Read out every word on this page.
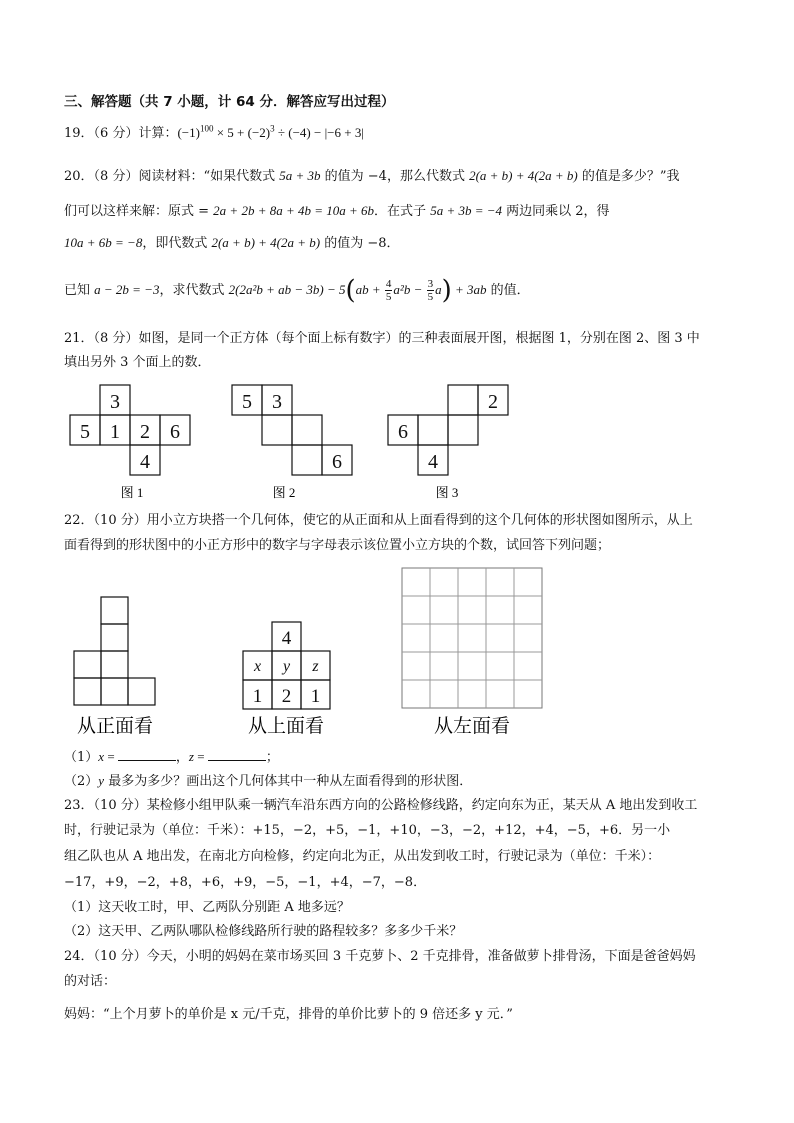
三、解答题（共 7 小题，计 64 分．解答应写出过程）
19．（6 分）计算：$(-1)^{100} \times 5 + (-2)^3 \div (-4) - |-6 + 3|$
20．（8 分）阅读材料：“如果代数式 5a + 3b 的值为 −4，那么代数式 2(a + b) + 4(2a + b) 的值是多少？”我
们可以这样来解：原式 = 2a + 2b + 8a + 4b = 10a + 6b．在式子 5a + 3b = −4 两边同乘以 2，得
10a + 6b = −8，即代数式 2(a + b) + 4(2a + b) 的值为 −8．
已知 a − 2b = −3，求代数式 2(2a²b + ab − $3b) - 5(ab + \frac{4}{5} a^2b - \frac{3}{5} a) + 3ab$ 的值．
21．（8 分）如图，是同一个正方体（每个面上标有数字）的三种表面展开图，根据图 1，分别在图 2、图 3 中
填出另外 3 个面上的数．
3
5 1 2 6
4
图 1
5 3
6
图 2
2
6
4
图 3
22．（10 分）用小立方块搭一个几何体，使它的从正面和从上面看得到的这个几何体的形状图如图所示，从上
面看得到的形状图中的小正方形中的数字与字母表示该位置小立方块的个数，试回答下列问题；
从正面看
4
x y z
1 2 1
从上面看	从左面看
（1）x =	，z =	；
（2）y 最多为多少？画出这个几何体其中一种从左面看得到的形状图．
23．（10 分）某检修小组甲队乘一辆汽车沿东西方向的公路检修线路，约定向东为正，某天从 A 地出发到收工
时，行驶记录为（单位：千米）：+15，−2，+5，−1，+10，−3，−2，+12，+4，−5，+6．另一小
组乙队也从 A 地出发，在南北方向检修，约定向北为正，从出发到收工时，行驶记录为（单位：千米）：
−17，+9，−2，+8，+6，+9，−5，−1，+4，−7，−8．
（1）这天收工时，甲、乙两队分别距 A 地多远？
（2）这天甲、乙两队哪队检修线路所行驶的路程较多？多多少千米？
24．（10 分）今天，小明的妈妈在菜市场买回 3 千克萝卜、2 千克排骨，准备做萝卜排骨汤，下面是爸爸妈妈
的对话：
妈妈：“上个月萝卜的单价是 x 元/千克，排骨的单价比萝卜的 9 倍还多 y 元．”
